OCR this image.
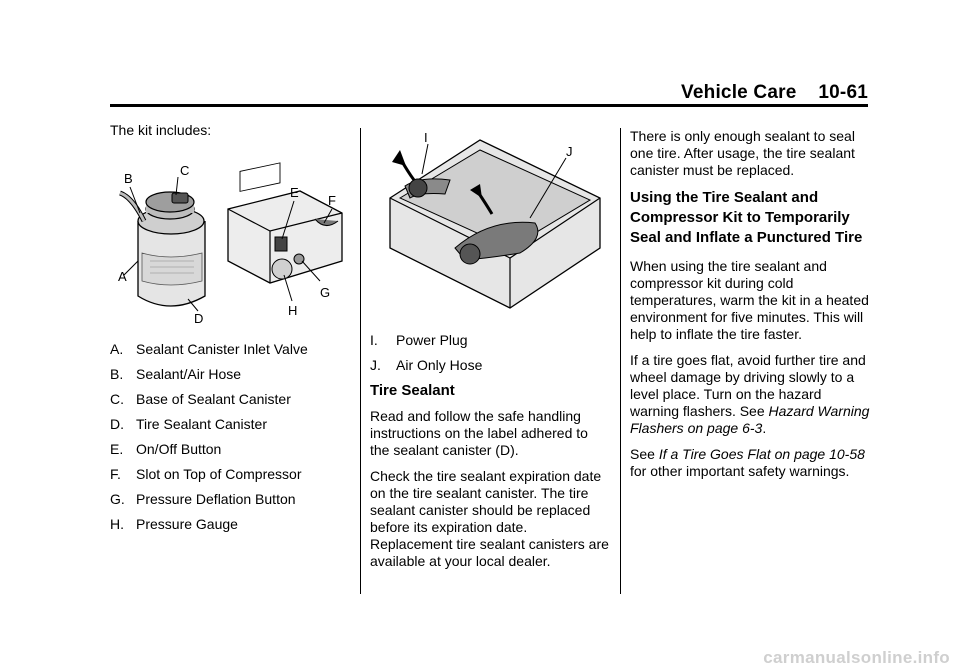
Vehicle Care 10-61

The kit includes:

A
B
C
D
E
F
G
H
A. Sealant Canister Inlet Valve
B. Sealant/Air Hose
C. Base of Sealant Canister
D. Tire Sealant Canister
E. On/Off Button
F.	Slot on Top of Compressor
G. Pressure Deflation Button
H. Pressure Gauge
I
J
I.	Power Plug
J.	Air Only Hose
Tire Sealant

Read and follow the safe handling instructions on the label adhered to the sealant canister (D).

Check the tire sealant expiration date on the tire sealant canister. The tire sealant canister should be replaced before its expiration date. Replacement tire sealant canisters are available at your local dealer.

There is only enough sealant to seal one tire. After usage, the tire sealant canister must be replaced.

Using the Tire Sealant and Compressor Kit to Temporarily Seal and Inflate a Punctured Tire

When using the tire sealant and compressor kit during cold temperatures, warm the kit in a heated environment for five minutes. This will help to inflate the tire faster.

If a tire goes flat, avoid further tire and wheel damage by driving slowly to a level place. Turn on the hazard warning flashers. See Hazard Warning Flashers on page 6-3.

See If a Tire Goes Flat on page 10-58 for other important safety warnings.

carmanualsonline.info
